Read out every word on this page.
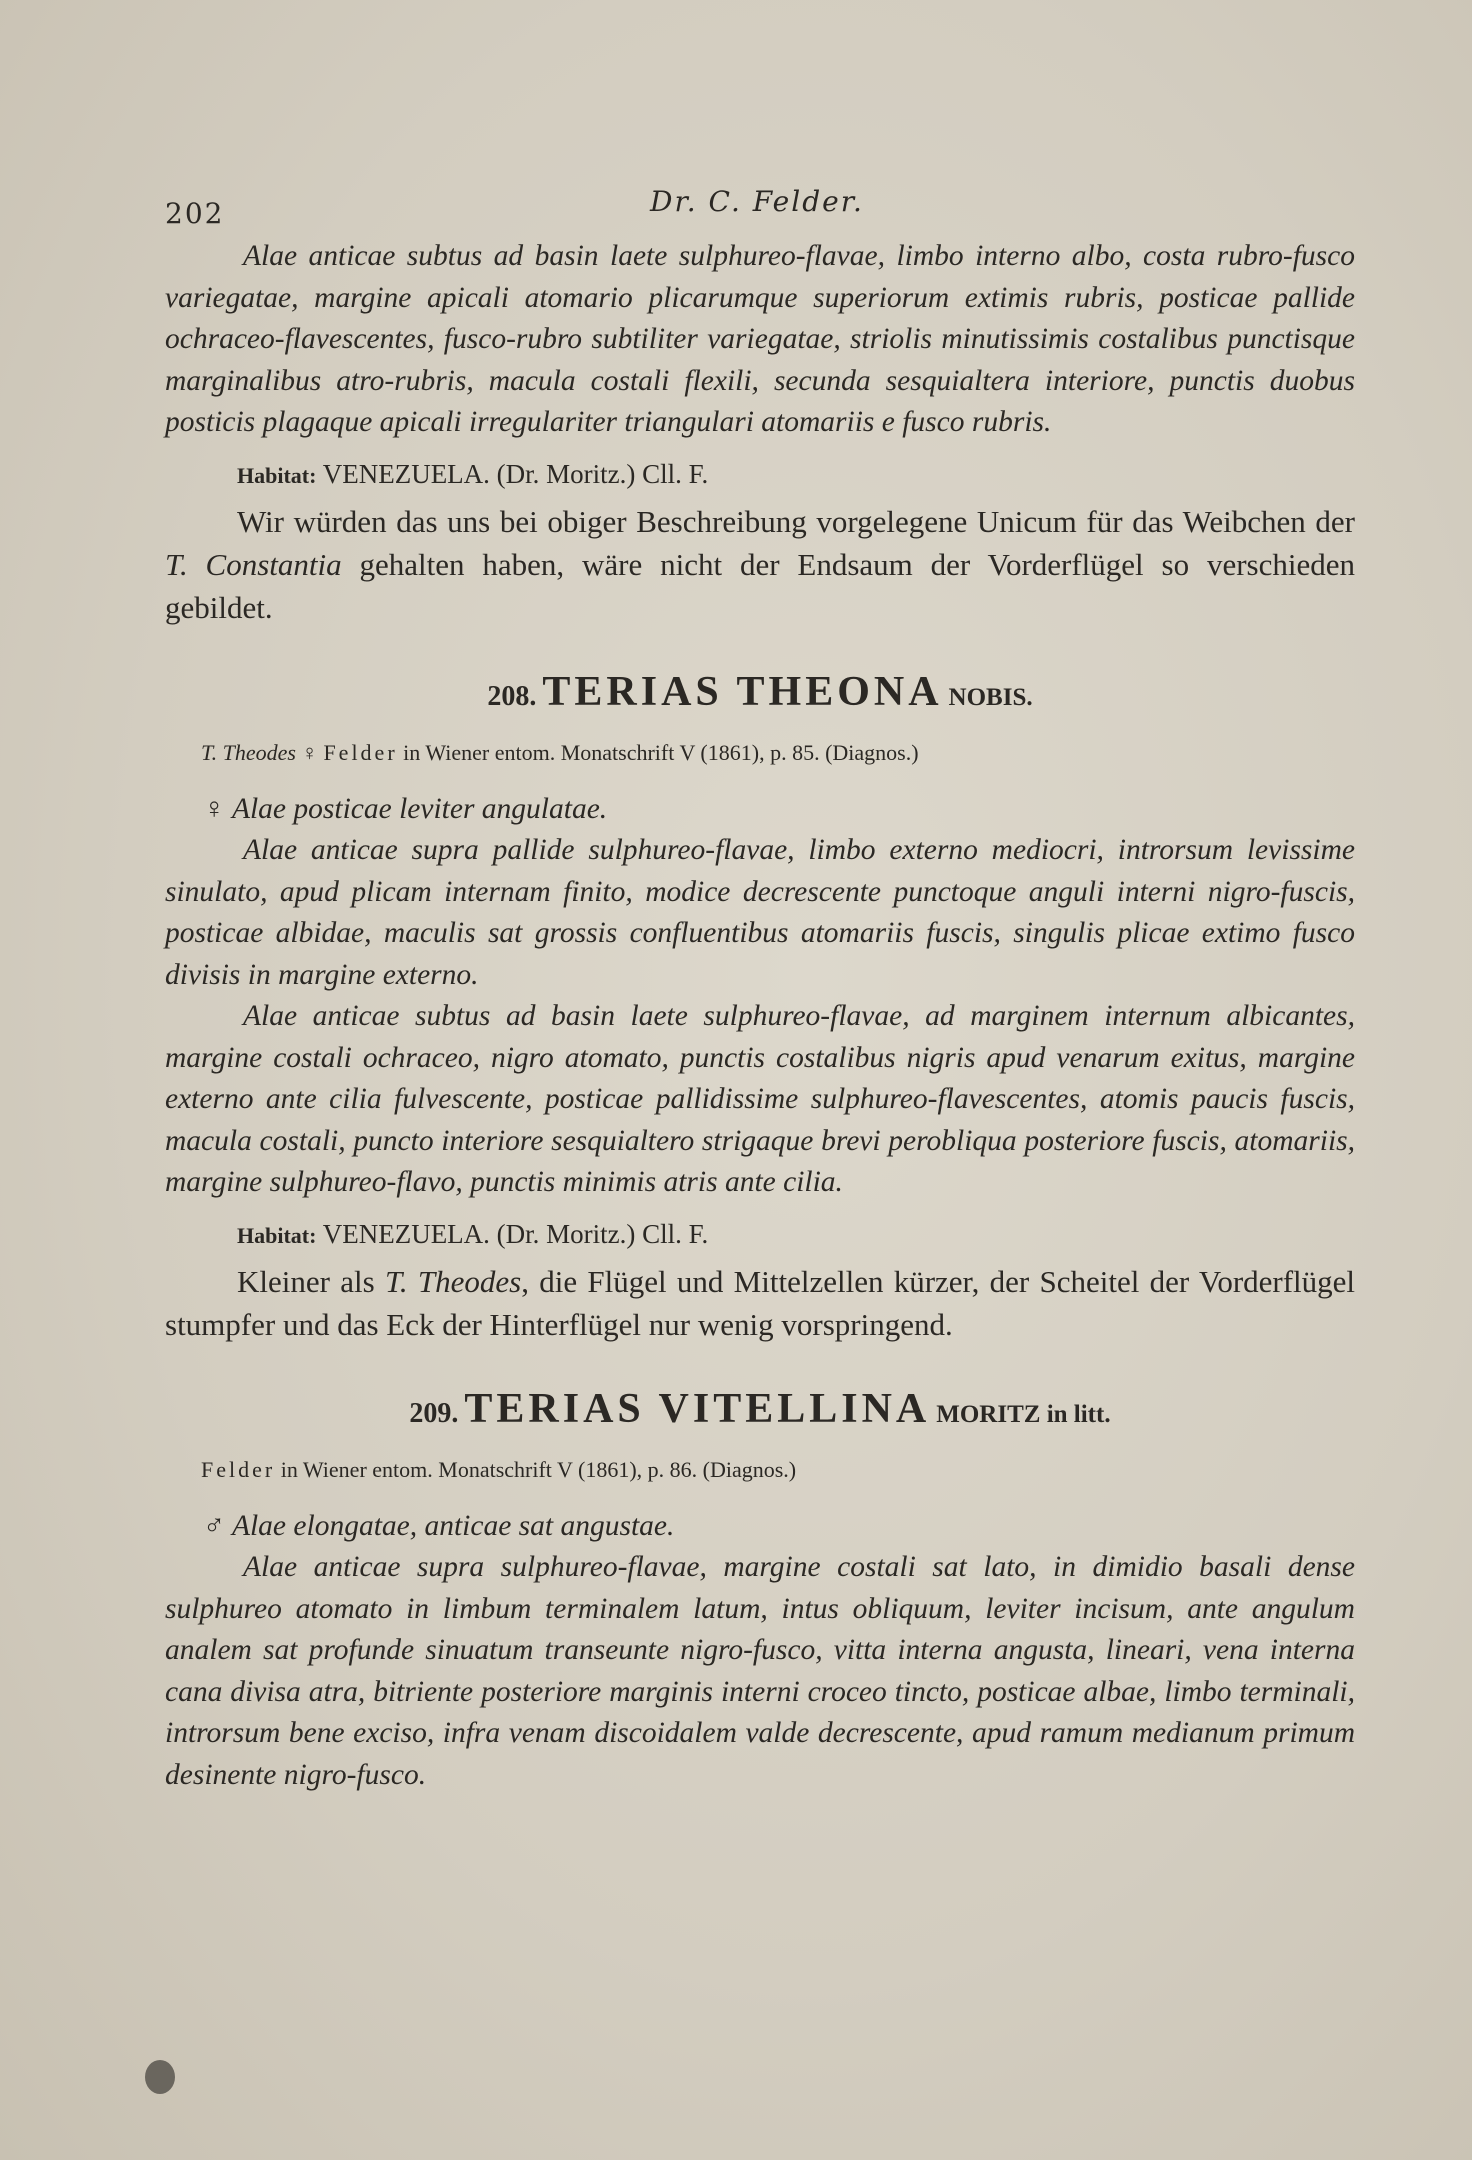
202	Dr. C. Felder.

Alae anticae subtus ad basin laete sulphureo-flavae, limbo interno albo, costa rubro-fusco variegatae, margine apicali atomario plicarumque superiorum extimis rubris, posticae pallide ochraceo-flavescentes, fusco-rubro subtiliter variegatae, striolis minutissimis costalibus punctisque marginalibus atro-rubris, macula costali flexili, secunda sesquialtera interiore, punctis duobus posticis plagaque apicali irregulariter triangulari atomariis e fusco rubris.

Habitat: VENEZUELA. (Dr. Moritz.) Cll. F.

Wir würden das uns bei obiger Beschreibung vorgelegene Unicum für das Weibchen der T. Constantia gehalten haben, wäre nicht der Endsaum der Vorderflügel so verschieden gebildet.

208. TERIAS THEONA NOBIS.

T. Theodes ♀ Felder in Wiener entom. Monatschrift V (1861), p. 85. (Diagnos.)

♀ Alae posticae leviter angulatae.

Alae anticae supra pallide sulphureo-flavae, limbo externo mediocri, introrsum levissime sinulato, apud plicam internam finito, modice decrescente punctoque anguli interni nigro-fuscis, posticae albidae, maculis sat grossis confluentibus atomariis fuscis, singulis plicae extimo fusco divisis in margine externo.

Alae anticae subtus ad basin laete sulphureo-flavae, ad marginem internum albicantes, margine costali ochraceo, nigro atomato, punctis costalibus nigris apud venarum exitus, margine externo ante cilia fulvescente, posticae pallidissime sulphureo-flavescentes, atomis paucis fuscis, macula costali, puncto interiore sesquialtero strigaque brevi perobliqua posteriore fuscis, atomariis, margine sulphureo-flavo, punctis minimis atris ante cilia.

Habitat: VENEZUELA. (Dr. Moritz.) Cll. F.

Kleiner als T. Theodes, die Flügel und Mittelzellen kürzer, der Scheitel der Vorderflügel stumpfer und das Eck der Hinterflügel nur wenig vorspringend.

209. TERIAS VITELLINA MORITZ in litt.

Felder in Wiener entom. Monatschrift V (1861), p. 86. (Diagnos.)

♂ Alae elongatae, anticae sat angustae.

Alae anticae supra sulphureo-flavae, margine costali sat lato, in dimidio basali dense sulphureo atomato in limbum terminalem latum, intus obliquum, leviter incisum, ante angulum analem sat profunde sinuatum transeunte nigro-fusco, vitta interna angusta, lineari, vena interna cana divisa atra, bitriente posteriore marginis interni croceo tincto, posticae albae, limbo terminali, introrsum bene exciso, infra venam discoidalem valde decrescente, apud ramum medianum primum desinente nigro-fusco.
